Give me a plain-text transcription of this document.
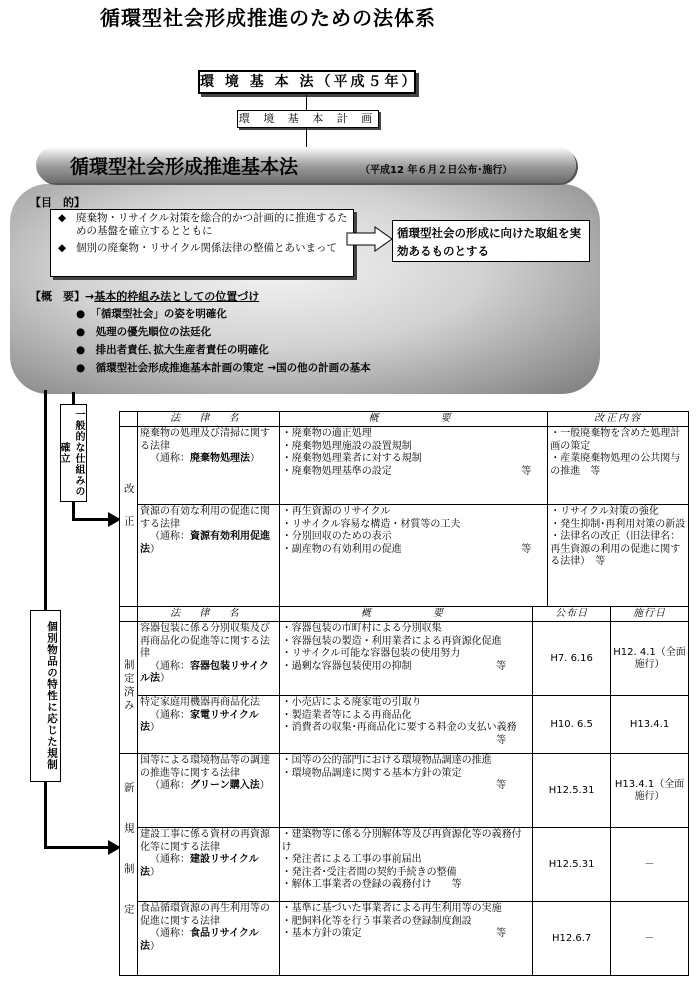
循環型社会形成推進のための法体系
環 境 基 本 法（平成５年）
環 境 基 本 計 画
循環型社会形成推進基本法	（平成12 年６月２日公布･施行）
【目　的】
◆ 廃棄物・リサイクル対策を総合的かつ計画的に推進するための基盤を確立するとともに
◆ 個別の廃棄物・リサイクル関係法律の整備とあいまって
循環型社会の形成に向けた取組を実効あるものとする
【概　要】→基本的枠組み法としての位置づけ
●　「循環型社会」の姿を明確化
●　処理の優先順位の法廷化
●　排出者責任､拡大生産者責任の明確化
●　循環型社会形成推進基本計画の策定 →国の他の計画の基本
一般的な仕組みの確立
個別物品の特性に応じた規制
	法 律 名	概　　　要	改正内容
改正	廃棄物の処理及び清掃に関する法律
（通称：廃棄物処理法）	・廃棄物の適正処理
・廃棄物処理施設の設置規制
・廃棄物処理業者に対する規制
・廃棄物処理基準の設定 等	・一般廃棄物を含めた処理計画の策定
・産業廃棄物処理の公共関与の推進　等

	資源の有効な利用の促進に関する法律
（通称：資源有効利用促進法）	・再生資源のリサイクル
・リサイクル容易な構造・材質等の工夫
・分別回収のための表示
・副産物の有効利用の促進 等	・リサイクル対策の強化
・発生抑制･再利用対策の新設
・法律名の改正（旧法律名：再生資源の利用の促進に関する法律）　等
	法 律 名	概　　　要	公布日	施行日
制定済み	容器包装に係る分別収集及び再商品化の促進等に関する法律
（通称：容器包装リサイクル法）	・容器包装の市町村による分別収集
・容器包装の製造・利用業者による再資源化促進
・リサイクル可能な容器包装の使用努力
・過剰な容器包装使用の抑制 等	H7. 6.16	H12. 4.1（全面施行）
	特定家庭用機器再商品化法
（通称：家電リサイクル法）	・小売店による廃家電の引取り
・製造業者等による再商品化
・消費者の収集･再商品化に要する料金の支払い義務
等	H10. 6.5	H13.4.1
新規制定	国等による環境物品等の調達の推進等に関する法律
（通称：グリーン購入法）	・国等の公的部門における環境物品調達の推進
・環境物品調達に関する基本方針の策定
等	H12.5.31	H13.4.1（全面施行）
	建設工事に係る資材の再資源化等に関する法律
（通称：建設リサイクル法）	・建築物等に係る分別解体等及び再資源化等の義務付け
・発注者による工事の事前届出
・発注者･受注者間の契約手続きの整備
・解体工事業者の登録の義務付け　　等	H12.5.31	－
	食品循環資源の再生利用等の促進に関する法律
（通称：食品リサイクル法）	・基準に基づいた事業者による再生利用等の実施
・肥飼料化等を行う事業者の登録制度創設
・基本方針の策定 等	H12.6.7	－
